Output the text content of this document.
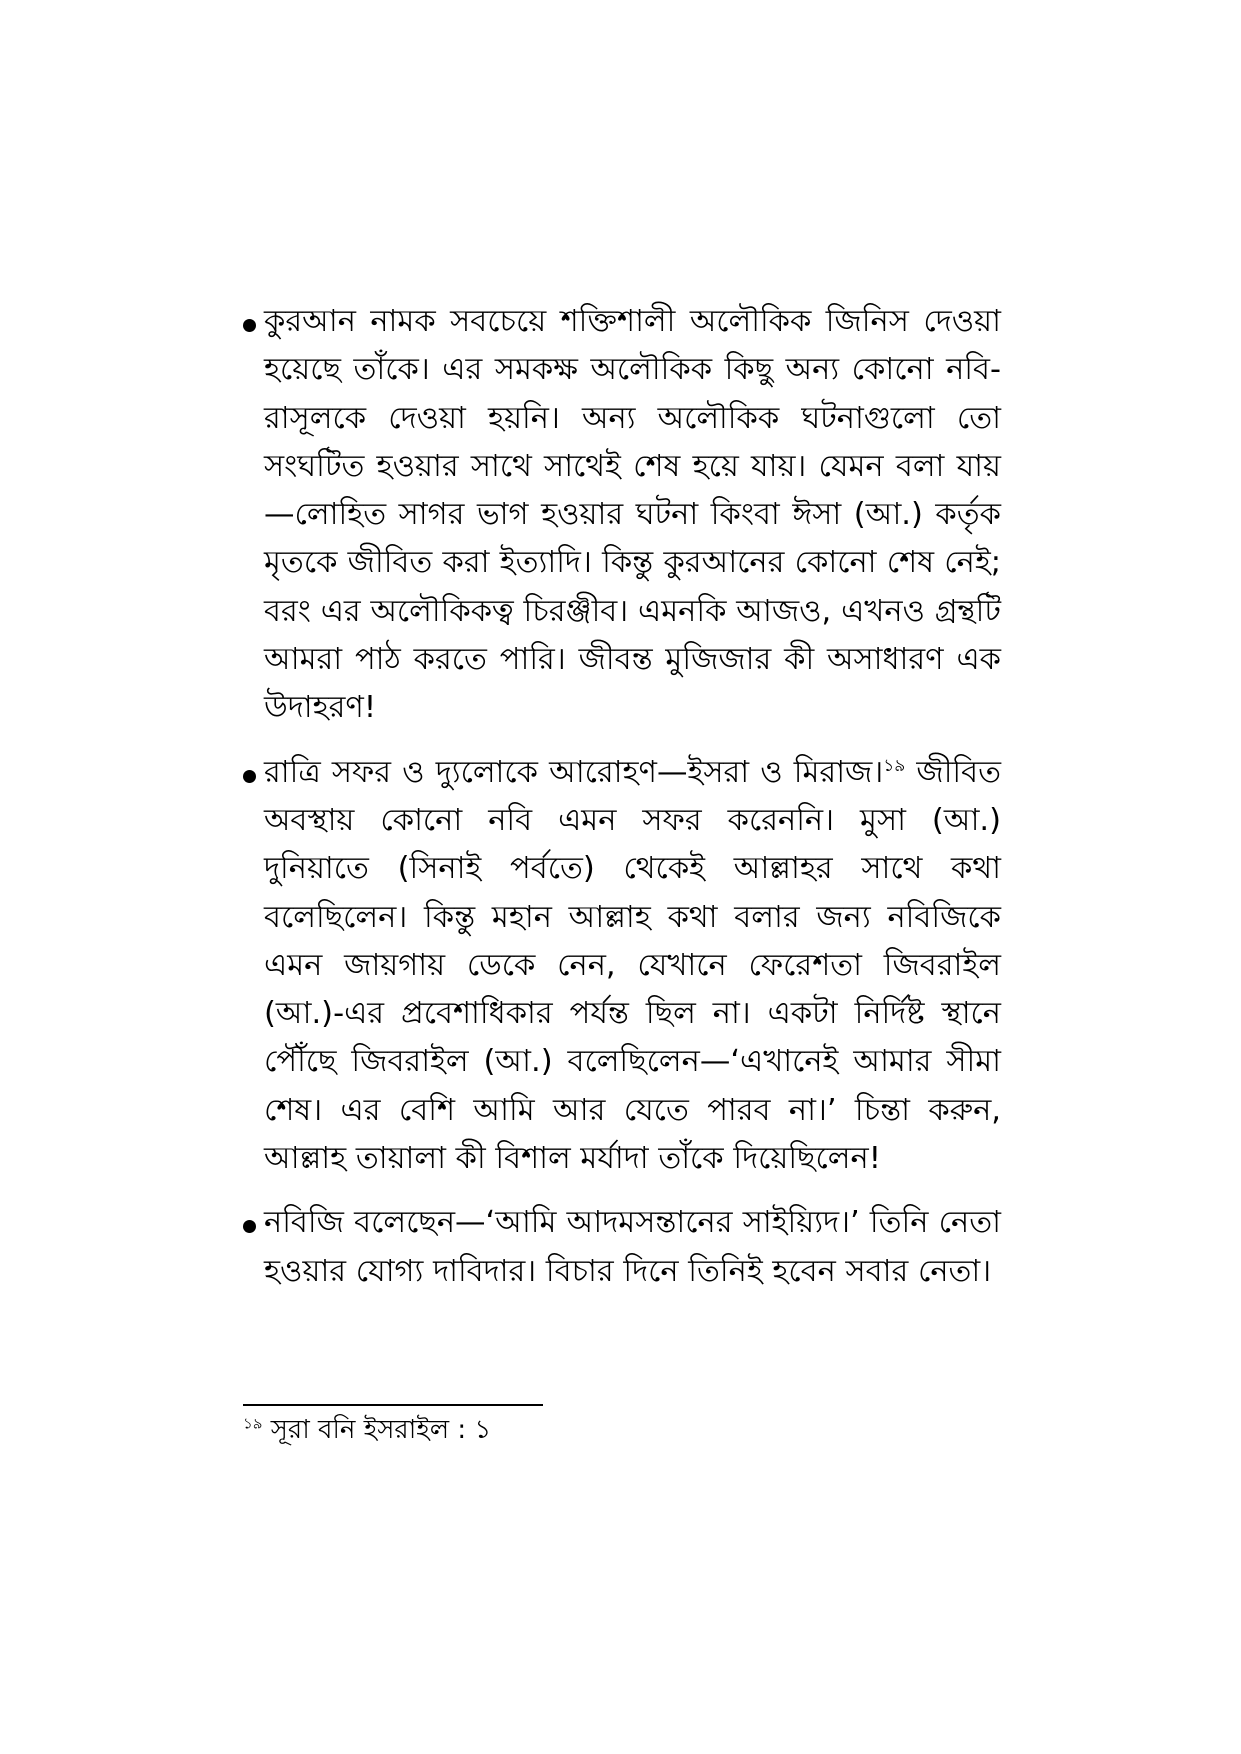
কুরআন নামক সবচেয়ে শক্তিশালী অলৌকিক জিনিস দেওয়া হয়েছে তাঁকে। এর সমকক্ষ অলৌকিক কিছু অন্য কোনো নবি-রাসূলকে দেওয়া হয়নি। অন্য অলৌকিক ঘটনাগুলো তো সংঘটিত হওয়ার সাথে সাথেই শেষ হয়ে যায়। যেমন বলা যায়—লোহিত সাগর ভাগ হওয়ার ঘটনা কিংবা ঈসা (আ.) কর্তৃক মৃতকে জীবিত করা ইত্যাদি। কিন্তু কুরআনের কোনো শেষ নেই; বরং এর অলৌকিকত্ব চিরঞ্জীব। এমনকি আজও, এখনও গ্রন্থটি আমরা পাঠ করতে পারি। জীবন্ত মুজিজার কী অসাধারণ এক উদাহরণ!

রাত্রি সফর ও দ্যুলোকে আরোহণ—ইসরা ও মিরাজ।$^{১৯}$ জীবিত অবস্থায় কোনো নবি এমন সফর করেননি। মুসা (আ.) দুনিয়াতে (সিনাই পর্বতে) থেকেই আল্লাহর সাথে কথা বলেছিলেন। কিন্তু মহান আল্লাহ কথা বলার জন্য নবিজিকে এমন জায়গায় ডেকে নেন, যেখানে ফেরেশতা জিবরাইল (আ.)-এর প্রবেশাধিকার পর্যন্ত ছিল না। একটা নির্দিষ্ট স্থানে পৌঁছে জিবরাইল (আ.) বলেছিলেন—‘এখানেই আমার সীমা শেষ। এর বেশি আমি আর যেতে পারব না।’ চিন্তা করুন, আল্লাহ তায়ালা কী বিশাল মর্যাদা তাঁকে দিয়েছিলেন!

নবিজি বলেছেন—‘আমি আদমসন্তানের সাইয়্যিদ।’ তিনি নেতা হওয়ার যোগ্য দাবিদার। বিচার দিনে তিনিই হবেন সবার নেতা।

$^{১৯}$ সূরা বনি ইসরাইল : ১
